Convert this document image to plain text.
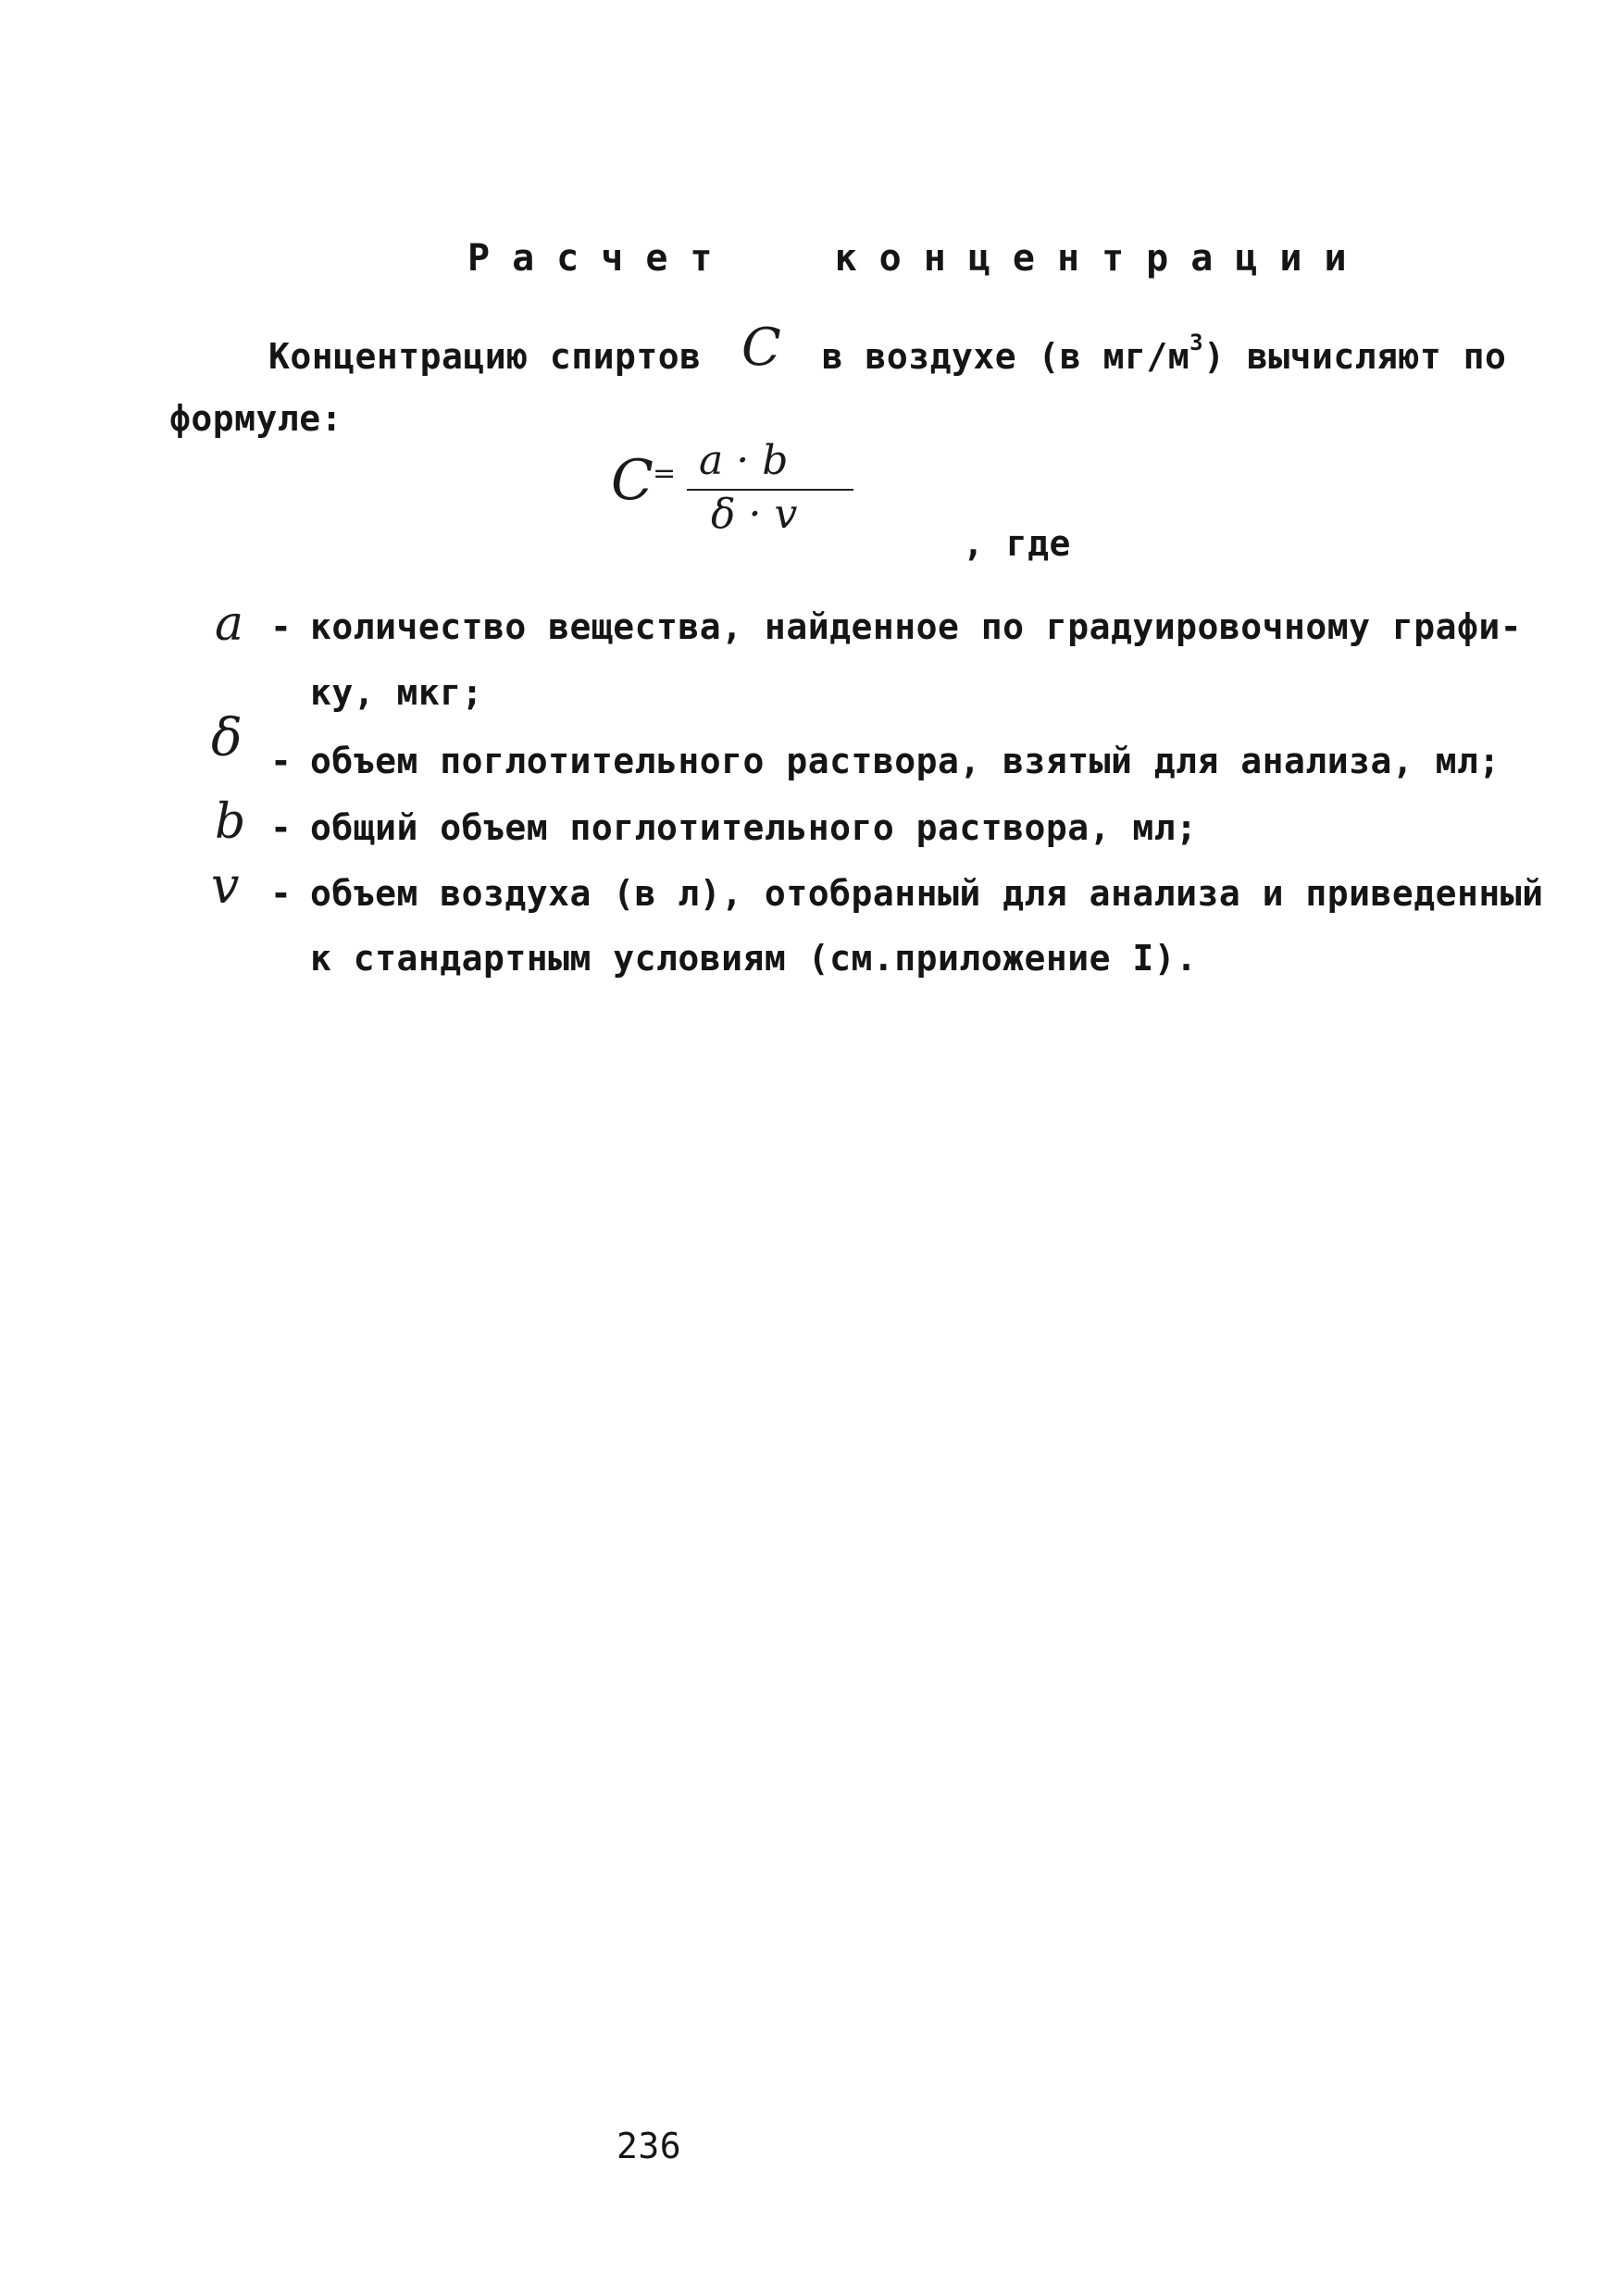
Расчет концентрации
Концентрацию спиртов C в воздухе (в $мг/м^3$) вычисляют по
формуле:
C = a · b
δ · v
, где
a - количество вещества, найденное по градуировочному графи-
ку, мкг;
δ - объем поглотительного раствора, взятый для анализа, мл;
b - общий объем поглотительного раствора, мл;
v - объем воздуха (в л), отобранный для анализа и приведенный
к стандартным условиям (см.приложение I).
236
